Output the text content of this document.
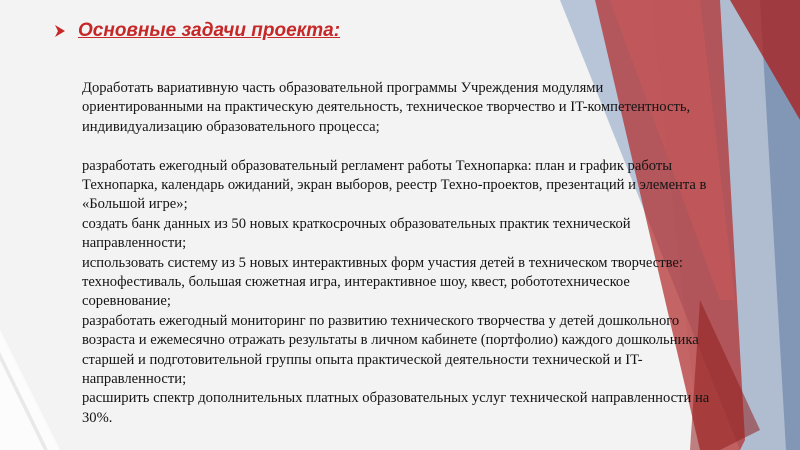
Основные задачи проекта:

Доработать вариативную часть образовательной программы Учреждения модулями ориентированными на практическую деятельность, техническое творчество и IT-компетентность, индивидуализацию образовательного процесса;

разработать ежегодный образовательный регламент работы Технопарка: план и график работы Технопарка, календарь ожиданий, экран выборов, реестр Техно-проектов, презентаций и элемента в «Большой игре»;

создать банк данных из 50 новых краткосрочных образовательных практик технической направленности;

использовать систему из 5 новых интерактивных форм участия детей в техническом творчестве: технофестиваль, большая сюжетная игра, интерактивное шоу, квест, робототехническое соревнование;

разработать ежегодный мониторинг по развитию технического творчества у детей дошкольного возраста и ежемесячно отражать результаты в личном кабинете (портфолио) каждого дошкольника старшей и подготовительной группы опыта практической деятельности технической и IT-направленности;

расширить спектр дополнительных платных образовательных услуг технической направленности на 30%.
